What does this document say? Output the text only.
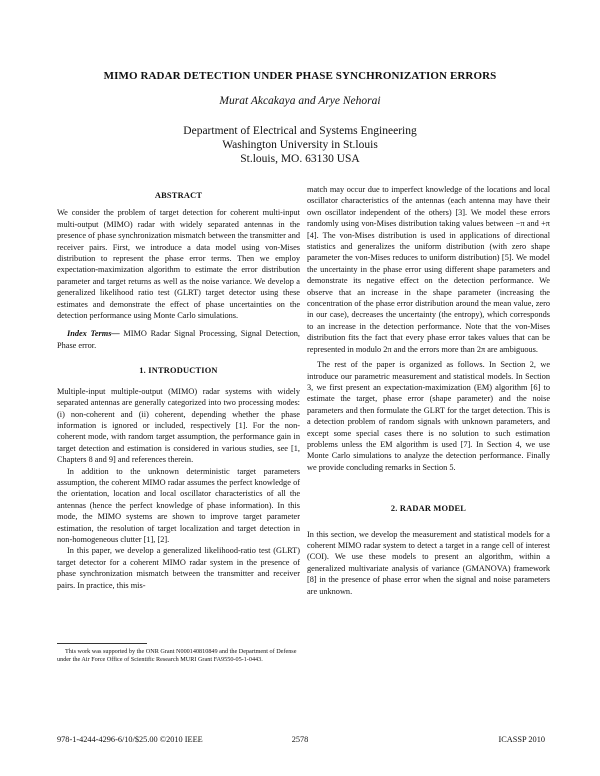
MIMO RADAR DETECTION UNDER PHASE SYNCHRONIZATION ERRORS
Murat Akcakaya and Arye Nehorai
Department of Electrical and Systems Engineering
Washington University in St.louis
St.louis, MO. 63130 USA

ABSTRACT

We consider the problem of target detection for coherent multi-input multi-output (MIMO) radar with widely separated antennas in the presence of phase synchronization mismatch between the transmitter and receiver pairs. First, we introduce a data model using von-Mises distribution to represent the phase error terms. Then we employ expectation-maximization algorithm to estimate the error distribution parameter and target returns as well as the noise variance. We develop a generalized likelihood ratio test (GLRT) target detector using these estimates and demonstrate the effect of phase uncertainties on the detection performance using Monte Carlo simulations.

Index Terms— MIMO Radar Signal Processing, Signal Detection, Phase error.

1. INTRODUCTION

Multiple-input multiple-output (MIMO) radar systems with widely separated antennas are generally categorized into two processing modes: (i) non-coherent and (ii) coherent, depending whether the phase information is ignored or included, respectively [1]. For the non-coherent mode, with random target assumption, the performance gain in target detection and estimation is considered in various studies, see [1, Chapters 8 and 9] and references therein.

In addition to the unknown deterministic target parameters assumption, the coherent MIMO radar assumes the perfect knowledge of the orientation, location and local oscillator characteristics of all the antennas (hence the perfect knowledge of phase information). In this mode, the MIMO systems are shown to improve target parameter estimation, the resolution of target localization and target detection in non-homogeneous clutter [1], [2].

In this paper, we develop a generalized likelihood-ratio test (GLRT) target detector for a coherent MIMO radar system in the presence of phase synchronization mismatch between the transmitter and receiver pairs. In practice, this mis-

match may occur due to imperfect knowledge of the locations and local oscillator characteristics of the antennas (each antenna may have their own oscillator independent of the others) [3]. We model these errors randomly using von-Mises distribution taking values between −π and +π [4]. The von-Mises distribution is used in applications of directional statistics and generalizes the uniform distribution (with zero shape parameter the von-Mises reduces to uniform distribution) [5]. We model the uncertainty in the phase error using different shape parameters and demonstrate its negative effect on the detection performance. We observe that an increase in the shape parameter (increasing the concentration of the phase error distribution around the mean value, zero in our case), decreases the uncertainty (the entropy), which corresponds to an increase in the detection performance. Note that the von-Mises distribution fits the fact that every phase error takes values that can be represented in modulo 2π and the errors more than 2π are ambiguous.

The rest of the paper is organized as follows. In Section 2, we introduce our parametric measurement and statistical models. In Section 3, we first present an expectation-maximization (EM) algorithm [6] to estimate the target, phase error (shape parameter) and the noise parameters and then formulate the GLRT for the target detection. This is a detection problem of random signals with unknown parameters, and except some special cases there is no solution to such estimation problems unless the EM algorithm is used [7]. In Section 4, we use Monte Carlo simulations to analyze the detection performance. Finally we provide concluding remarks in Section 5.

2. RADAR MODEL

In this section, we develop the measurement and statistical models for a coherent MIMO radar system to detect a target in a range cell of interest (COI). We use these models to present an algorithm, within a generalized multivariate analysis of variance (GMANOVA) framework [8] in the presence of phase error when the signal and noise parameters are unknown.

This work was supported by the ONR Grant N000140810849 and the Department of Defense under the Air Force Office of Scientific Research MURI Grant FA9550-05-1-0443.

978-1-4244-4296-6/10/$25.00 ©2010 IEEE	2578	ICASSP 2010
